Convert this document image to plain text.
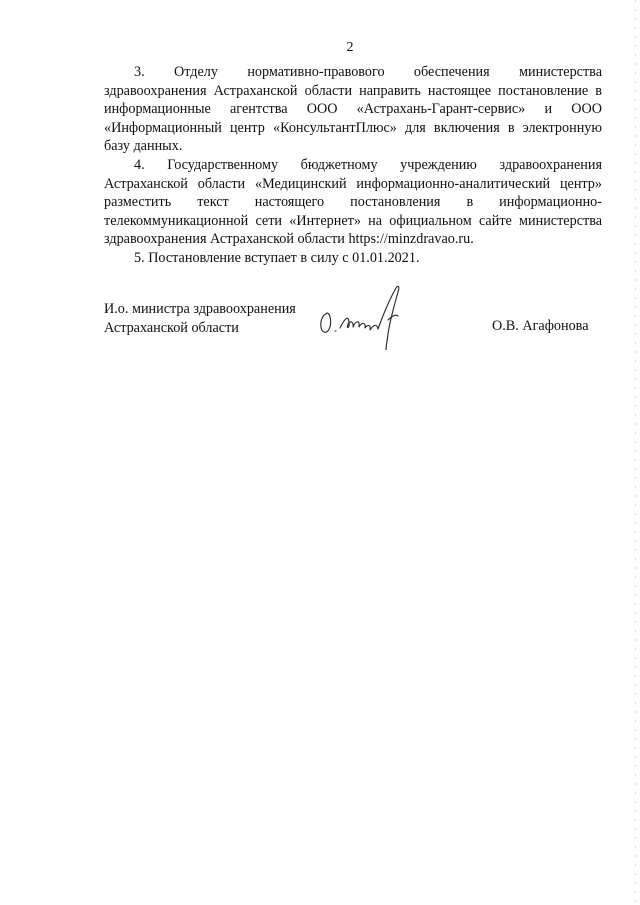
2

3. Отделу нормативно-правового обеспечения министерства здравоохранения Астраханской области направить настоящее постановление в информационные агентства ООО «Астрахань-Гарант-сервис» и ООО «Информационный центр «КонсультантПлюс» для включения в электронную базу данных.

4. Государственному бюджетному учреждению здравоохранения Астраханской области «Медицинский информационно-аналитический центр» разместить текст настоящего постановления в информационно-телекоммуникационной сети «Интернет» на официальном сайте министерства здравоохранения Астраханской области https://minzdravao.ru.

5. Постановление вступает в силу с 01.01.2021.

И.о. министра здравоохранения
Астраханской области	О.В. Агафонова
